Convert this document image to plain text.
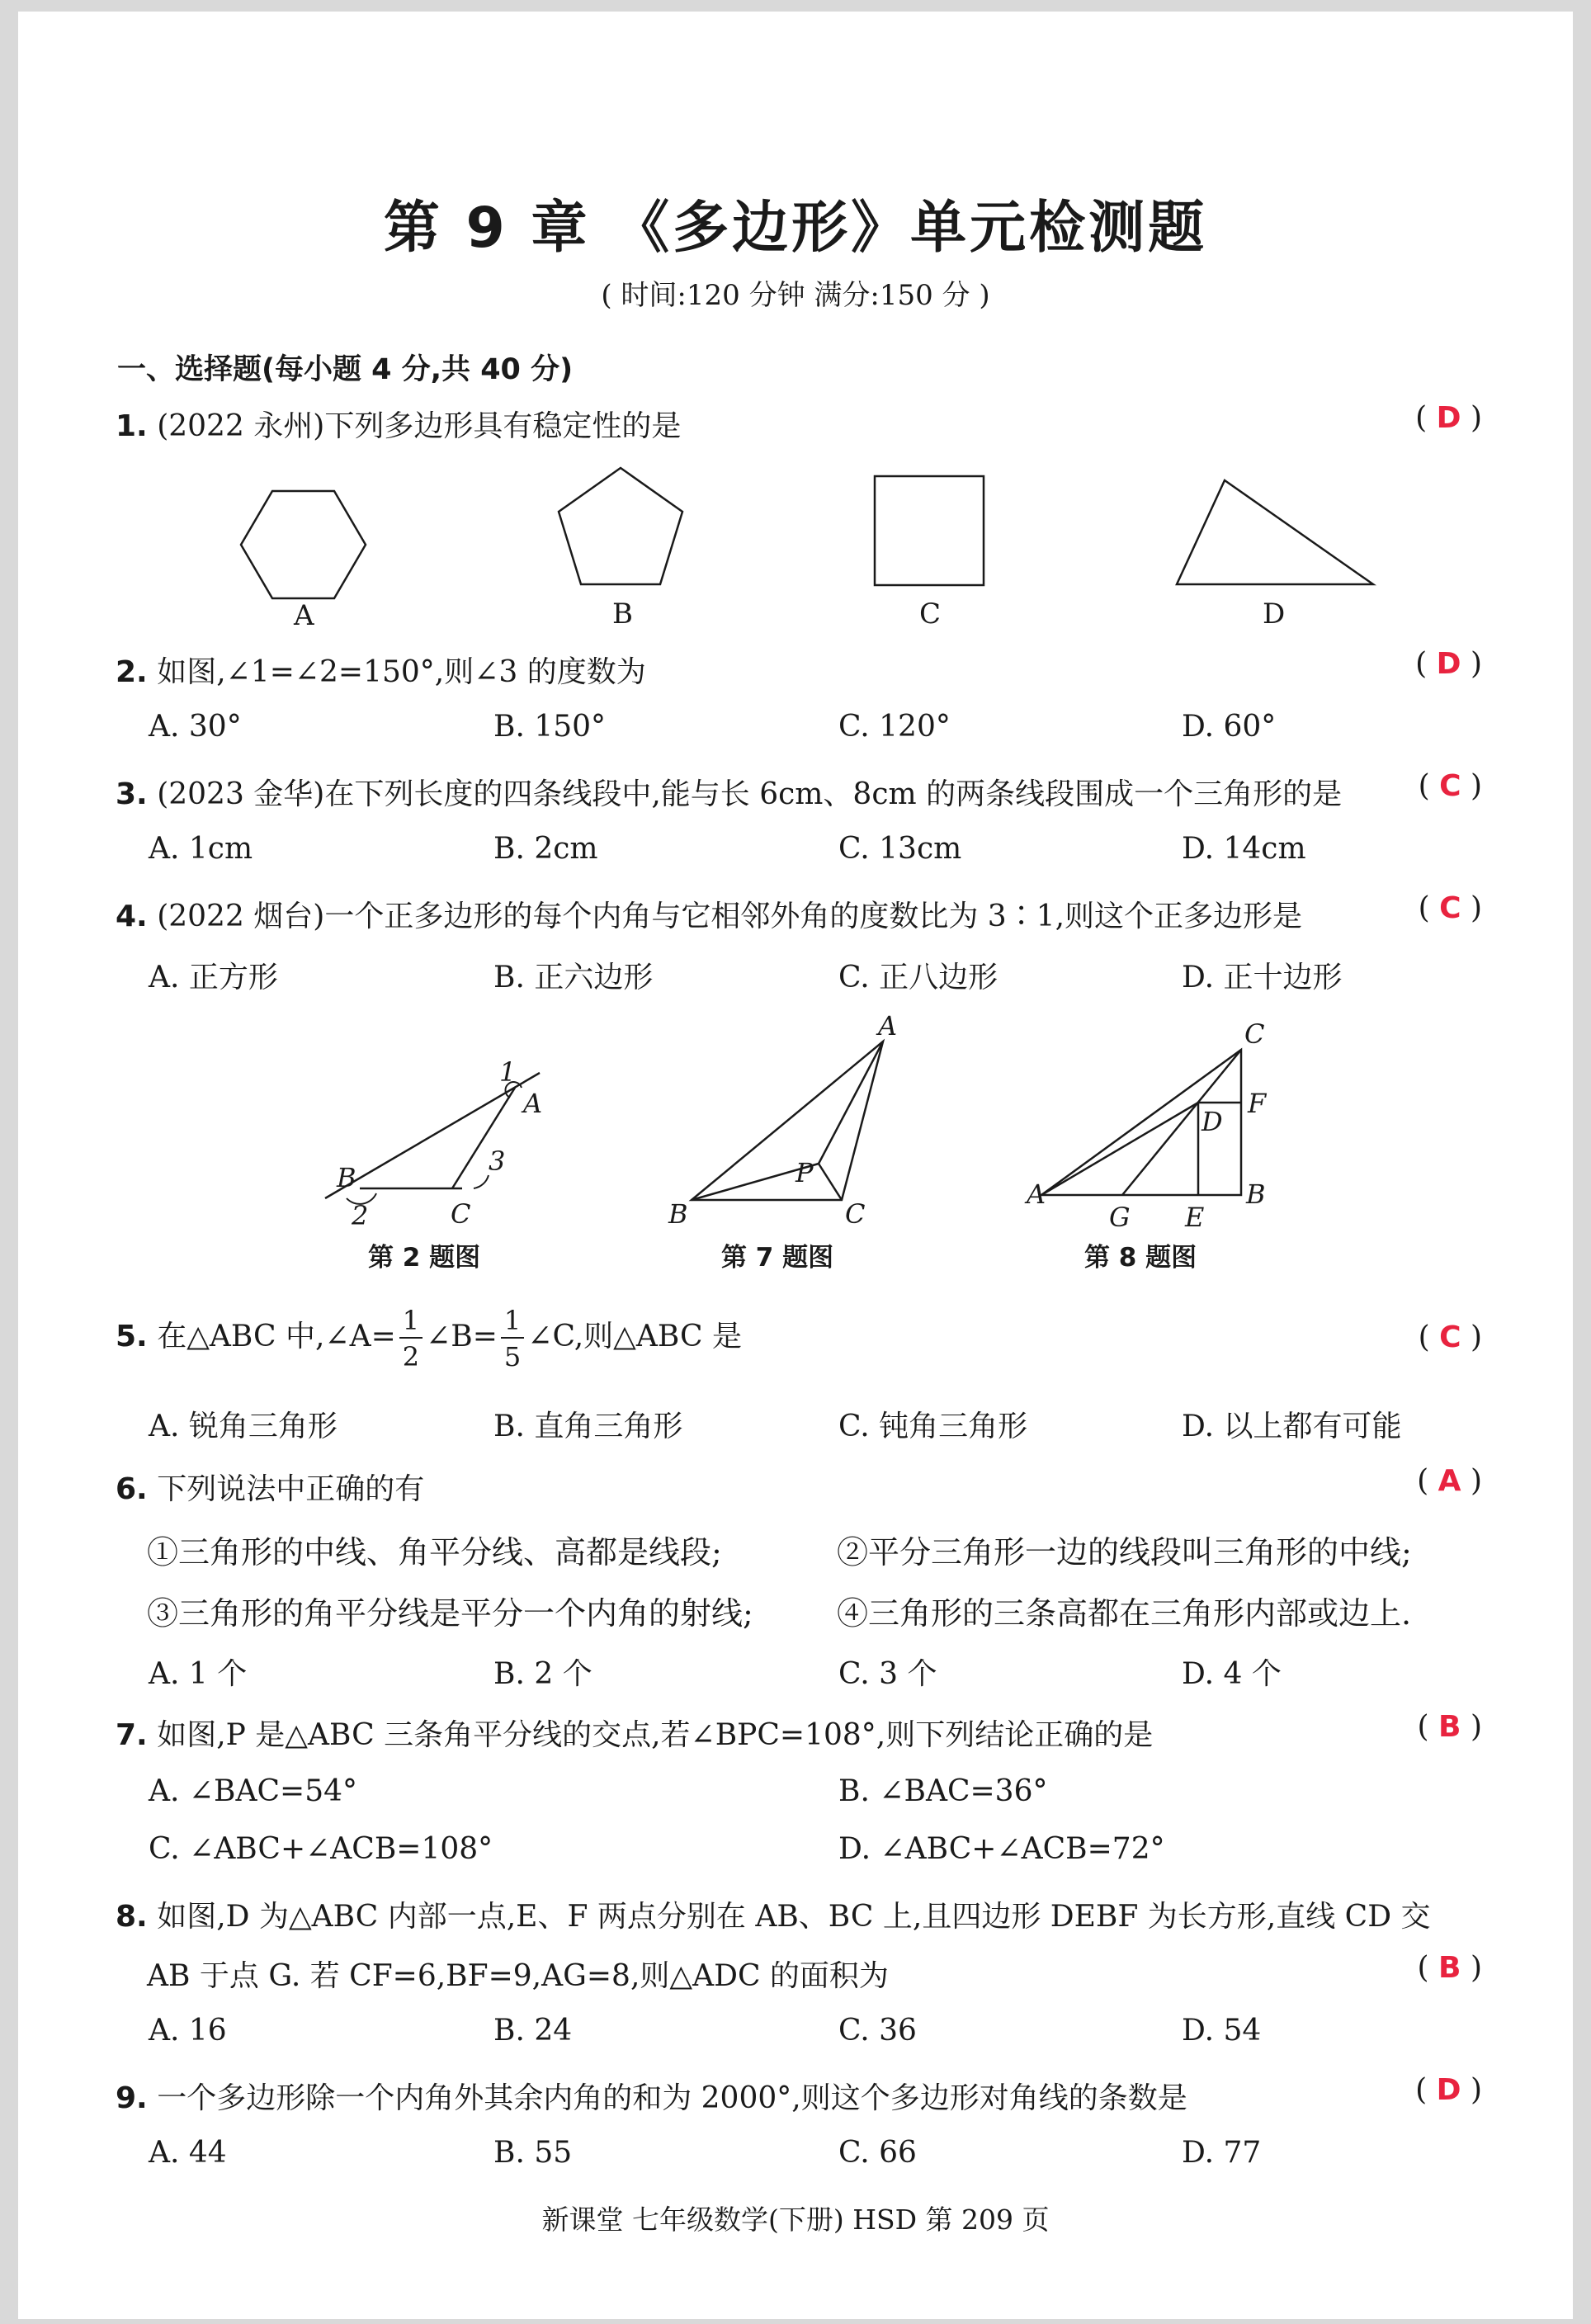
第 9 章 《多边形》单元检测题
( 时间:120 分钟 满分:150 分 )
一、选择题(每小题 4 分,共 40 分)
1. (2022 永州)下列多边形具有稳定性的是	( D )
A	B	C	D
2. 如图,∠1=∠2=150°,则∠3 的度数为	( D )
A. 30°	B. 150°	C. 120°	D. 60°
3. (2023 金华)在下列长度的四条线段中,能与长 6cm、8cm 的两条线段围成一个三角形的是	( C )
A. 1cm	B. 2cm	C. 13cm	D. 14cm
4. (2022 烟台)一个正多边形的每个内角与它相邻外角的度数比为 3∶1,则这个正多边形是	( C )
A. 正方形	B. 正六边形	C. 正八边形	D. 正十边形
1
A
B
2	C
3
A
P
B	C
C
F
D
A
G E
B
第 2 题图	第 7 题图	第 8 题图
5. 在△ABC 中,∠A= $\frac{1}{2}$ ∠B= $\frac{1}{5}$ ∠C,则△ABC 是	( C )
A. 锐角三角形	B. 直角三角形	C. 钝角三角形	D. 以上都有可能
6. 下列说法中正确的有	( A )
①三角形的中线、角平分线、高都是线段;	②平分三角形一边的线段叫三角形的中线;
③三角形的角平分线是平分一个内角的射线;	④三角形的三条高都在三角形内部或边上.
A. 1 个	B. 2 个	C. 3 个	D. 4 个
7. 如图,P 是△ABC 三条角平分线的交点,若∠BPC=108°,则下列结论正确的是	( B )
A. ∠BAC=54°	B. ∠BAC=36°
C. ∠ABC+∠ACB=108°	D. ∠ABC+∠ACB=72°
8. 如图,D 为△ABC 内部一点,E、F 两点分别在 AB、BC 上,且四边形 DEBF 为长方形,直线 CD 交
AB 于点 G. 若 CF=6,BF=9,AG=8,则△ADC 的面积为	( B )
A. 16	B. 24	C. 36	D. 54
9. 一个多边形除一个内角外其余内角的和为 2000°,则这个多边形对角线的条数是	( D )
A. 44	B. 55	C. 66	D. 77
新课堂 七年级数学(下册) HSD 第 209 页
